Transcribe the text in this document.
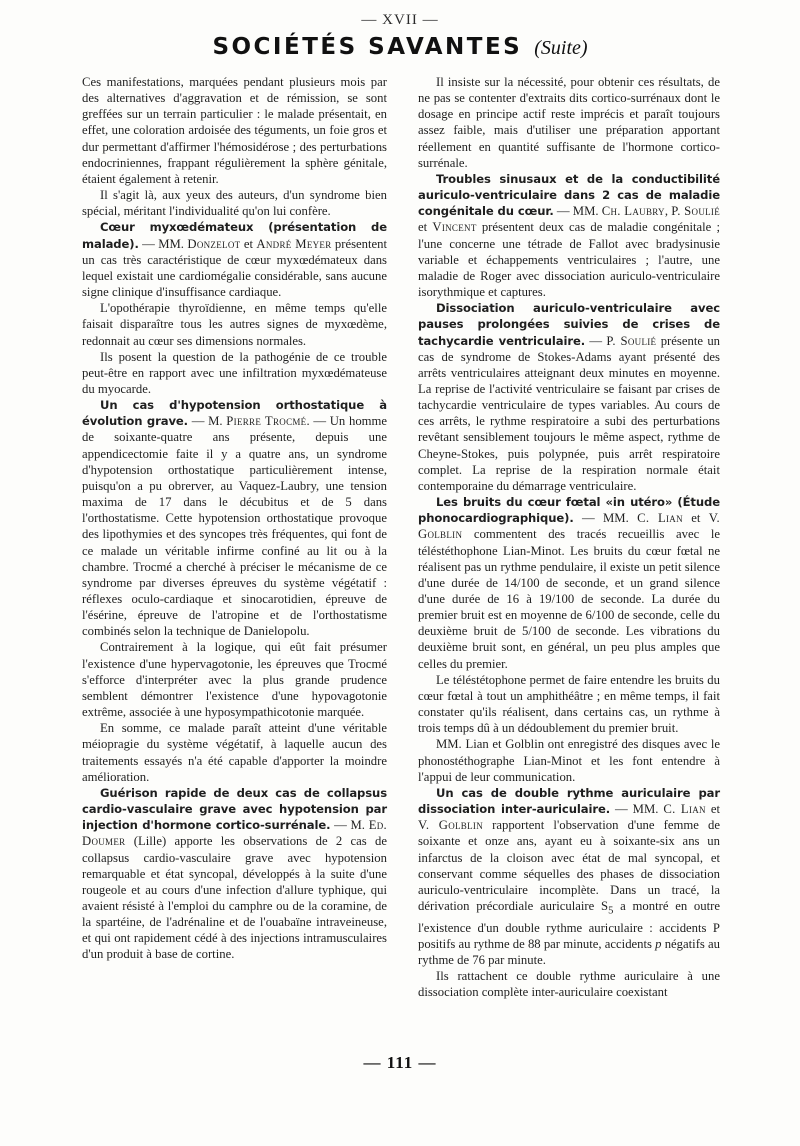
— XVII —
SOCIÉTÉS SAVANTES (Suite)

Ces manifestations, marquées pendant plusieurs mois par des alternatives d'aggravation et de rémission, se sont greffées sur un terrain particulier : le malade présentait, en effet, une coloration ardoisée des téguments, un foie gros et dur permettant d'affirmer l'hémosidérose ; des perturbations endocriniennes, frappant régulièrement la sphère génitale, étaient également à retenir.

Il s'agit là, aux yeux des auteurs, d'un syndrome bien spécial, méritant l'individualité qu'on lui confère.

Cœur myxœdémateux (présentation de malade). — MM. Donzelot et André Meyer présentent un cas très caractéristique de cœur myxœdémateux dans lequel existait une cardiomégalie considérable, sans aucune signe clinique d'insuffisance cardiaque.

L'opothérapie thyroïdienne, en même temps qu'elle faisait disparaître tous les autres signes de myxœdème, redonnait au cœur ses dimensions normales.

Ils posent la question de la pathogénie de ce trouble peut-être en rapport avec une infiltration myxœdémateuse du myocarde.

Un cas d'hypotension orthostatique à évolution grave. — M. Pierre Trocmé. — Un homme de soixante-quatre ans présente, depuis une appendicectomie faite il y a quatre ans, un syndrome d'hypotension orthostatique particulièrement intense, puisqu'on a pu obrerver, au Vaquez-Laubry, une tension maxima de 17 dans le décubitus et de 5 dans l'orthostatisme. Cette hypotension orthostatique provoque des lipothymies et des syncopes très fréquentes, qui font de ce malade un véritable infirme confiné au lit ou à la chambre. Trocmé a cherché à préciser le mécanisme de ce syndrome par diverses épreuves du système végétatif : réflexes oculo-cardiaque et sinocarotidien, épreuve de l'ésérine, épreuve de l'atropine et de l'orthostatisme combinés selon la technique de Danielopolu.

Contrairement à la logique, qui eût fait présumer l'existence d'une hypervagotonie, les épreuves que Trocmé s'efforce d'interpréter avec la plus grande prudence semblent démontrer l'existence d'une hypovagotonie extrême, associée à une hyposympathicotonie marquée.

En somme, ce malade paraît atteint d'une véritable méiopragie du système végétatif, à laquelle aucun des traitements essayés n'a été capable d'apporter la moindre amélioration.

Guérison rapide de deux cas de collapsus cardio-vasculaire grave avec hypotension par injection d'hormone cortico-surrénale. — M. Ed. Doumer (Lille) apporte les observations de 2 cas de collapsus cardio-vasculaire grave avec hypotension remarquable et état syncopal, développés à la suite d'une rougeole et au cours d'une infection d'allure typhique, qui avaient résisté à l'emploi du camphre ou de la coramine, de la spartéine, de l'adrénaline et de l'ouabaïne intraveineuse, et qui ont rapidement cédé à des injections intramusculaires d'un produit à base de cortine.

Il insiste sur la nécessité, pour obtenir ces résultats, de ne pas se contenter d'extraits dits cortico-surrénaux dont le dosage en principe actif reste imprécis et paraît toujours assez faible, mais d'utiliser une préparation apportant réellement en quantité suffisante de l'hormone cortico-surrénale.

Troubles sinusaux et de la conductibilité auriculo-ventriculaire dans 2 cas de maladie congénitale du cœur. — MM. Ch. Laubry, P. Soulié et Vincent présentent deux cas de maladie congénitale ; l'une concerne une tétrade de Fallot avec bradysinusie variable et échappements ventriculaires ; l'autre, une maladie de Roger avec dissociation auriculo-ventriculaire isorythmique et captures.

Dissociation auriculo-ventriculaire avec pauses prolongées suivies de crises de tachycardie ventriculaire. — P. Soulié présente un cas de syndrome de Stokes-Adams ayant présenté des arrêts ventriculaires atteignant deux minutes en moyenne. La reprise de l'activité ventriculaire se faisant par crises de tachycardie ventriculaire de types variables. Au cours de ces arrêts, le rythme respiratoire a subi des perturbations revêtant sensiblement toujours le même aspect, rythme de Cheyne-Stokes, puis polypnée, puis arrêt respiratoire complet. La reprise de la respiration normale était contemporaine du démarrage ventriculaire.

Les bruits du cœur fœtal «in utéro» (Étude phonocardiographique). — MM. C. Lian et V. Golblin commentent des tracés recueillis avec le téléstéthophone Lian-Minot. Les bruits du cœur fœtal ne réalisent pas un rythme pendulaire, il existe un petit silence d'une durée de 14/100 de seconde, et un grand silence d'une durée de 16 à 19/100 de seconde. La durée du premier bruit est en moyenne de 6/100 de seconde, celle du deuxième bruit de 5/100 de seconde. Les vibrations du deuxième bruit sont, en général, un peu plus amples que celles du premier.

Le téléstétophone permet de faire entendre les bruits du cœur fœtal à tout un amphithéâtre ; en même temps, il fait constater qu'ils réalisent, dans certains cas, un rythme à trois temps dû à un dédoublement du premier bruit.

MM. Lian et Golblin ont enregistré des disques avec le phonostéthographe Lian-Minot et les font entendre à l'appui de leur communication.

Un cas de double rythme auriculaire par dissociation inter-auriculaire. — MM. C. Lian et V. Golblin rapportent l'observation d'une femme de soixante et onze ans, ayant eu à soixante-six ans un infarctus de la cloison avec état de mal syncopal, et conservant comme séquelles des phases de dissociation auriculo-ventriculaire incomplète. Dans un tracé, la dérivation précordiale auriculaire $S_5$ a montré en outre l'existence d'un double rythme auriculaire : accidents P positifs au rythme de 88 par minute, accidents p négatifs au rythme de 76 par minute.

Ils rattachent ce double rythme auriculaire à une dissociation complète inter-auriculaire coexistant

— 111 —
